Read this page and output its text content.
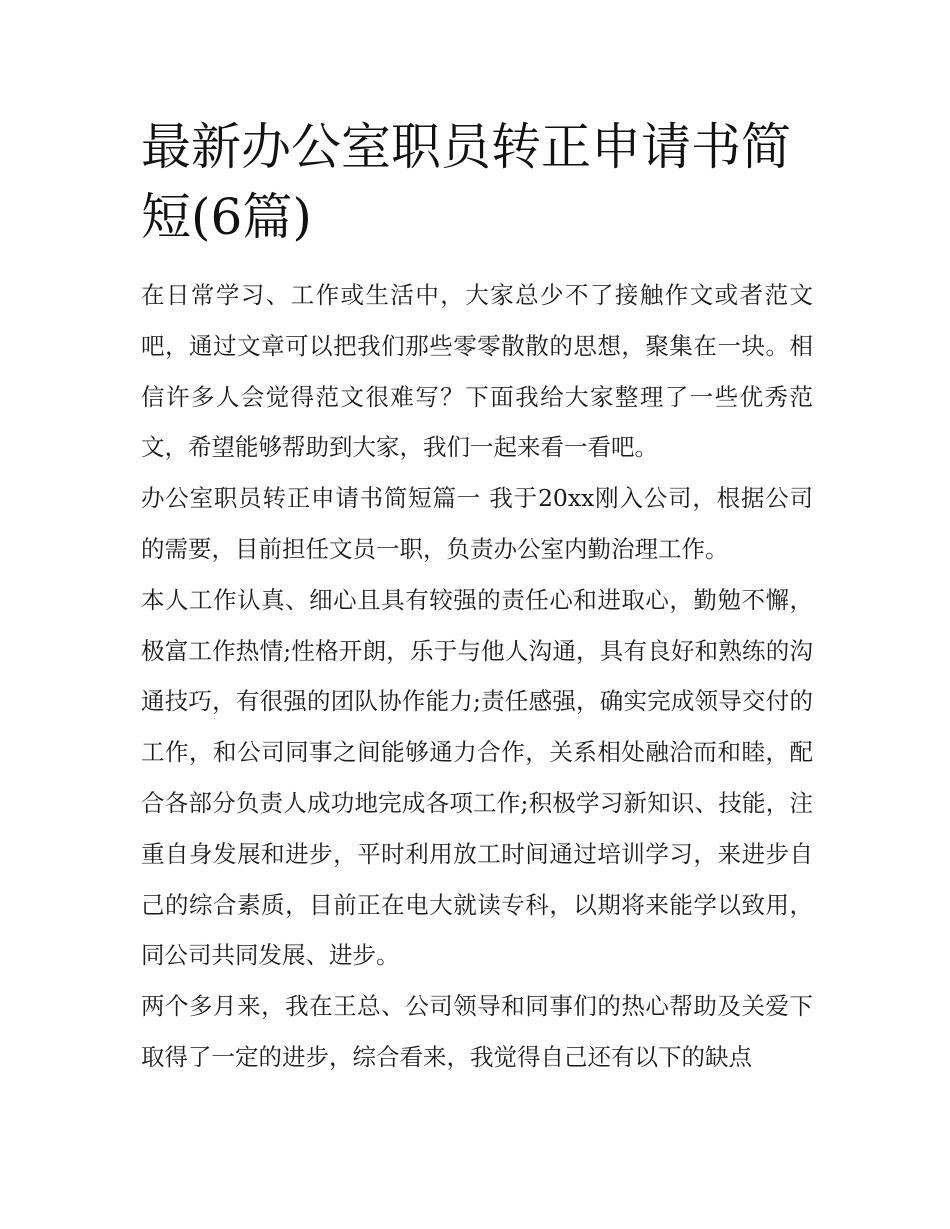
最新办公室职员转正申请书简短(6篇)

在日常学习、工作或生活中，大家总少不了接触作文或者范文吧，通过文章可以把我们那些零零散散的思想，聚集在一块。相信许多人会觉得范文很难写？下面我给大家整理了一些优秀范文，希望能够帮助到大家，我们一起来看一看吧。

办公室职员转正申请书简短篇一 我于20xx刚入公司，根据公司的需要，目前担任文员一职，负责办公室内勤治理工作。

本人工作认真、细心且具有较强的责任心和进取心，勤勉不懈，极富工作热情;性格开朗，乐于与他人沟通，具有良好和熟练的沟通技巧，有很强的团队协作能力;责任感强，确实完成领导交付的工作，和公司同事之间能够通力合作，关系相处融洽而和睦，配合各部分负责人成功地完成各项工作;积极学习新知识、技能，注重自身发展和进步，平时利用放工时间通过培训学习，来进步自己的综合素质，目前正在电大就读专科，以期将来能学以致用，同公司共同发展、进步。

两个多月来，我在王总、公司领导和同事们的热心帮助及关爱下取得了一定的进步，综合看来，我觉得自己还有以下的缺点
